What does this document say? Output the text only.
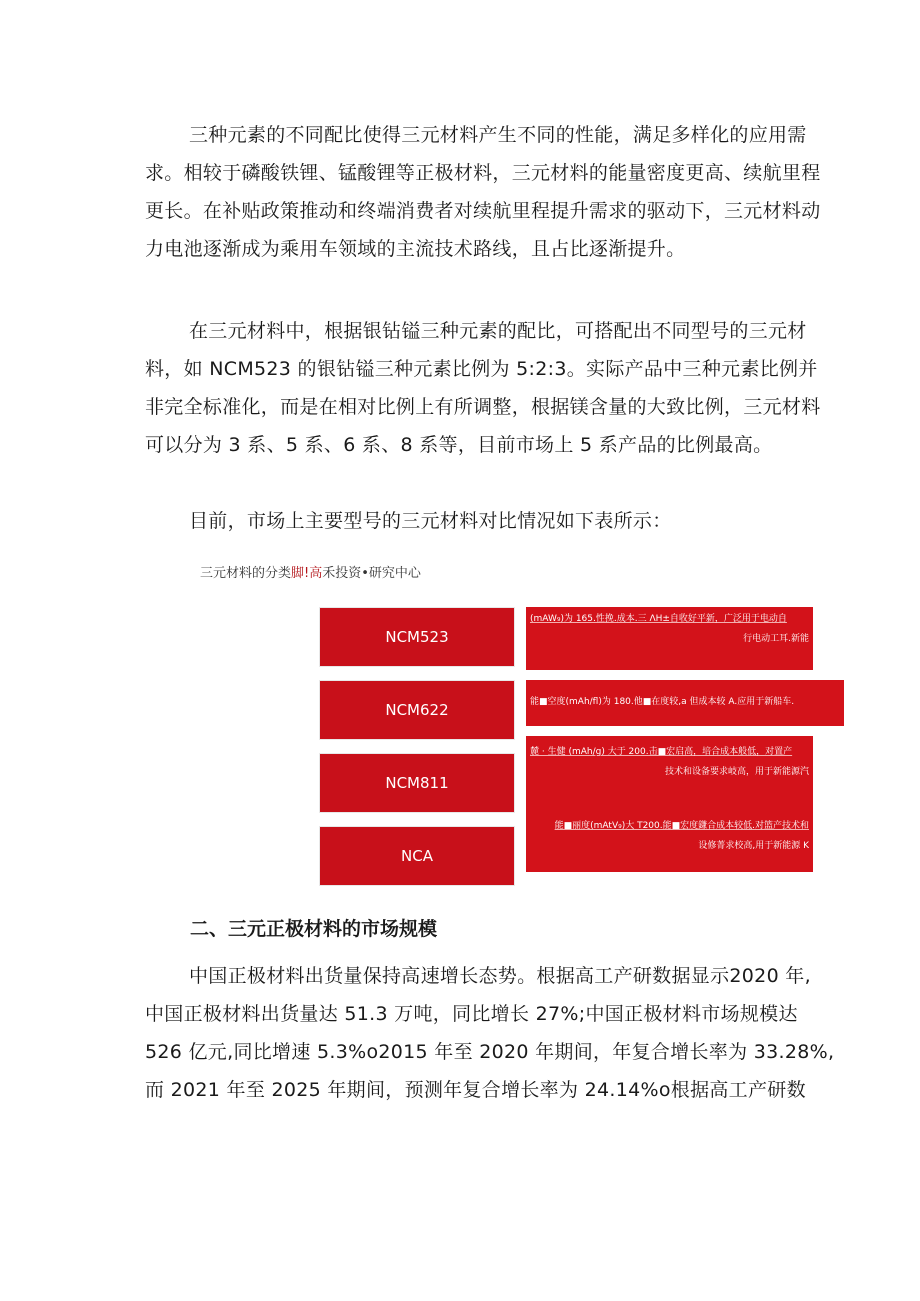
三种元素的不同配比使得三元材料产生不同的性能，满足多样化的应用需
求。相较于磷酸铁锂、锰酸锂等正极材料，三元材料的能量密度更高、续航里程
更长。在补贴政策推动和终端消费者对续航里程提升需求的驱动下，三元材料动
力电池逐渐成为乘用车领域的主流技术路线，且占比逐渐提升。
在三元材料中，根据银钻镒三种元素的配比，可搭配出不同型号的三元材
料，如 NCM523 的银钻镒三种元素比例为 5:2:3。实际产品中三种元素比例并
非完全标准化，而是在相对比例上有所调整，根据镁含量的大致比例，三元材料
可以分为 3 系、5 系、6 系、8 系等，目前市场上 5 系产品的比例最高。
目前，市场上主要型号的三元材料对比情况如下表所示：
三元材料的分类脚!高禾投资•研究中心
NCM523
NCM622
NCM811
NCA
(mAW₉)为 165.性挽.成本.三 ΛH±自收好平新，广泛用于电动自
行电动工耳.新能
能■空度(mAh∕fl)为 180.他■在度较,a 但成本较 A.应用于新船车.
麓 · 生健 (mAh∕g) 大于 200.击■宏启高，培合成本般低，对置产
技术和设备要求岐高，用于新能源汽
能■丽度(mAtV₉)大 T200.能■宏度鎌合成本较低.对篮产技术和
设修菁求校高,用于新能源 K
二、三元正极材料的市场规模
中国正极材料出货量保持高速增长态势。根据高工产研数据显示2020 年,
中国正极材料出货量达 51.3 万吨，同比增长 27%;中国正极材料市场规模达
526 亿元,同比增速 5.3%o2015 年至 2020 年期间，年复合增长率为 33.28%,
而 2021 年至 2025 年期间，预测年复合增长率为 24.14%o根据高工产研数
